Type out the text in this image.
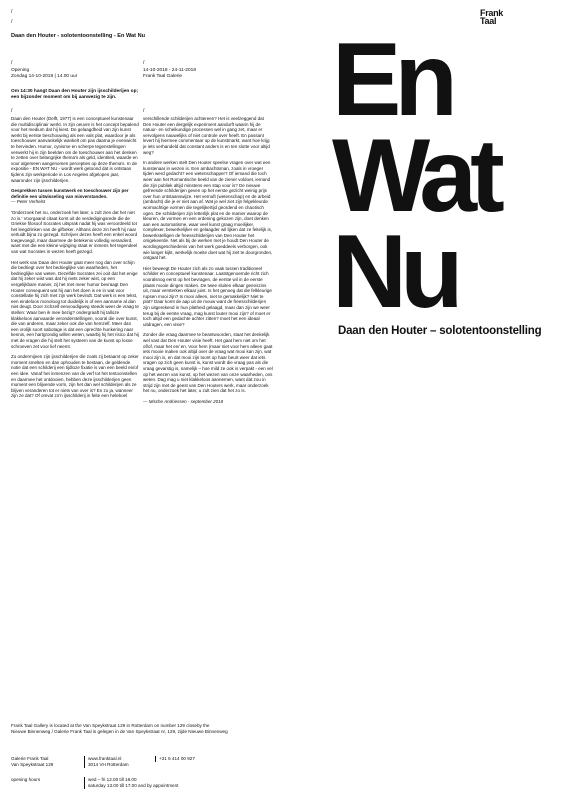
/
/
/	/
/	/
Daan den Houter - solotentoonstelling - En Wat Nu
Frank
Taal
Opening
Zondag 14-10-2018 | 14.00 uur
Om 14:30 hangt Daan den Houter zijn ijsschilderijen op; een bijzonder moment om bij aanwezig te zijn.
14-10-2018 - 24-11-2018
Frank Taal Galerie En
Wat
Nu
Daan den Houter – solotentoonstelling

Daan den Houter (Delft, 1977) is een conceptueel kunstenaar die multidisciplinair werkt. In zijn oeuvre is het concept bepalend voor het medium dat hij kiest. De gelaagdheid van zijn kunst werkt bij eerste beschouwing als een vals plat, waardoor je als toeschouwer aanvankelijk wankelt om pas daarna je evenwicht te hervinden. Humor, cynisme en scherpe tegenstellingen verwerkt hij in zijn beelden om de toeschouwer aan het denken te zetten over belangrijke thema's als geld, identiteit, waarde en voor algemeen aangenomen percepties op deze thema's. In de expositie - EN WAT NU - wordt werk getoond dat is ontstaan tijdens zijn werkperiode in Los Angeles afgelopen jaar, waaronder zijn ijsschilderijen.

Gesprekken tussen kunstwerk en toeschouwer zijn per definitie een uitwisseling van misverstanden.

— Peter Verhelst

'Onderzoek het nu, onderzoek het later, u zult zien dat het niet zo is.' Voorgaand citaat komt uit de verdedigingsrede die de Griekse filosoof Socrates uitsprak nadat hij was veroordeeld tot het leegdrinken van de gifbeker. Althans deze zin heeft hij naar verluidt bijna zo gezegd. Schrijver dezes heeft een enkel woord toegevoegd, maar daarmee de betekenis volledig veranderd, want met die een kleine wijziging staat er inmens het tegendeel van wat Socrates in wezen heeft gezegd.

Het werk van Daan den Houter gaat meer nog dan over schijn die bedriegt over het bedrieglijke van waarheden, het bedrieglijke van weten. Dezelfde Socrates zei ooit dat het enige dat hij zeker wist was dat hij niets zeker wist, op een vergelijkbare manier, zij het met meer humor bevraagt Den Houter consequent wat hij aan het doen is en in wat voor constellatie hij zich met zijn werk bevindt. Dat werk is een tekst, een eindeloos monoloog tot duidelijk is of een aanname al dan niet deugt. Door zichzelf eenvoudigweg steeds weer de vraag te stellen: Waar ben ik mee bezig? ondergraaft hij talloze klakkeloos aanvaarde veronderstellingen, vooral die over kunst, die van anderen, maar zeker ook die van hemzelf. Meer dan een vrolijk soort sabotage is dat een oprechte hunkering naar kennis, een hartgrondig willen weten, waarbij hij het risico dat hij met de vragen die hij stelt het systeem van de kunst op losse schroeven zet voor lief neemt.

Zo ondermijnen zijn ijsschilderijen die zoals zij betaamt op zeker moment smelten en dan ophouden te bestaan, de geldende notie dat een schilderij een tijdloze fixatie is van een beeld en/of een idee. Vanaf het inmenzen van de verf tot het tentoonstellen en daarmee het ontdooien, hebben deze ijsschilderijen geen moment een blijvende vorm, zijn het dan wel schilderijen als ze blijven veranderen tot er niets van over is? En zo ja, wanneer zijn ze dat? Of omvat zo'n ijsschilderij in feite een heleboel

verschillende schilderijen achtereen? Het is veelzeggend dat Den Houter een dergelijk experiment aandurft waarin hij de natuur- en scheikundige processen wel in gang zet, maar er vervolgens nauwelijks of niet controle over heeft. En passant levert hij hiermee commentaar op de kunstmarkt, want hoe krijg je iets verhandeld dat constant anders is en ten slotte voor altijd weg?

In andere werken stelt Den Houter speelse vragen over wat een kunstenaar in wezen is. Een ambachtsman, zoals in vroeger tijden werd gedacht? een wetenschapper? Of iemand die toch weer aan het Romantische beeld van de ziener voldoet, iemand die zijn publiek altijd minstens een stap voor is? De nieuwe gefreesde schilderijen geven op het eerste gezicht weinig prijs over hun ontstaanswijze. Het vernuft (wetenschap) en de arbeid (ambacht) die je er niet aan af. Wat je wel ziet zijn felgekleurde wormachtige vormen die tegelijkertijd geordend en chaotisch ogen. De schilderijen zijn letterlijk plat en de manier waarop de kleuren, de vormen en een ordening gekozen zijn, doet denken aan een automatisme, waar veel kunst graag moeilijker, complexer, bewerkelijker en gelaagder wil lijken dat ze feitelijk is, bewerkstelligen de freesschilderijen van Den Houter het omgekeerde. Net als bij de werken met je houdt Den Houter de wordingsgeschiedenis van het werk goeddeels verborgen, ook wie langer kijkt, werkelijk moeite doet wat hij ziet te doorgronden, ontgaat het.

Hier beweegt De Houter zich als zo vaak tussen traditioneel schilder en conceptueel kunstenaar. Laatstgenoemde richt zich vooralsnog eerst op het bevragen, de eerste wil in de eerste plaats mooie dingen maken. De twee sluiten elkaar geenszins uit, maar versterken elkaar juist. Is het genoeg dat die felkleurige rupsen mooi zijn? Is mooi alleen, niet te gemakkelijk? Niet te plat? Daar komt de aap uit de mouw want de freesschilderijen zijn uitgerekend in hun platheid gelaagd, maar dan zijn we weer terug bij de eerste vraag, mag kunst louter mooi zijn? of moet er toch altijd een gedachte achter zitten? moet het een ideaal uitdragen, een visie?

Zonder die vraag daarmee te beantwoorden, staat het denkelijk wel vast dat Den Houter visie heeft. Het gaat hem niet om het of/of, maar het en/ en. Voor hem (maar niet voor hem alleen gaat iets mooie maken ook altijd over de vraag wat mooi kan zijn, wat mooi zijn is, en dat mooi zijn toont op haar beurt weer dat iets vragen op zich geen kunst is, kunst wordt die vraag pas als die vraag gevarstig is, namelijk – hoe mild ze ook is verpakt - een vel op het wezen van kunst, op het wezen van onze waarheden, ons weten. Dag mag u niet klakkeloos aannemen, want dat zou in strijd zijn met de geest van Den Houters werk, maar onderzoek het nu, onderzoek het later, u zult zien dat het zo is.

— Mische Andriessen - september 2018

Frank Taal Gallery is located at the Van Speykstraat 129 in Rotterdam on number 129 closeby the
Nieuwe Binnenweg / Galerie Frank Taal is gelegen in de Van Speykstraat nr, 129, zijde Nieuwe Binnenweg
Galerie Frank Taal
Van Speykstraat 129
www.franktaal.nl
3014 VH Rotterdam
+31 6 414 00 927
opening hours	wed – fri 12.00 till 18.00
saturday 13.00 till 17.00 and by appointment
